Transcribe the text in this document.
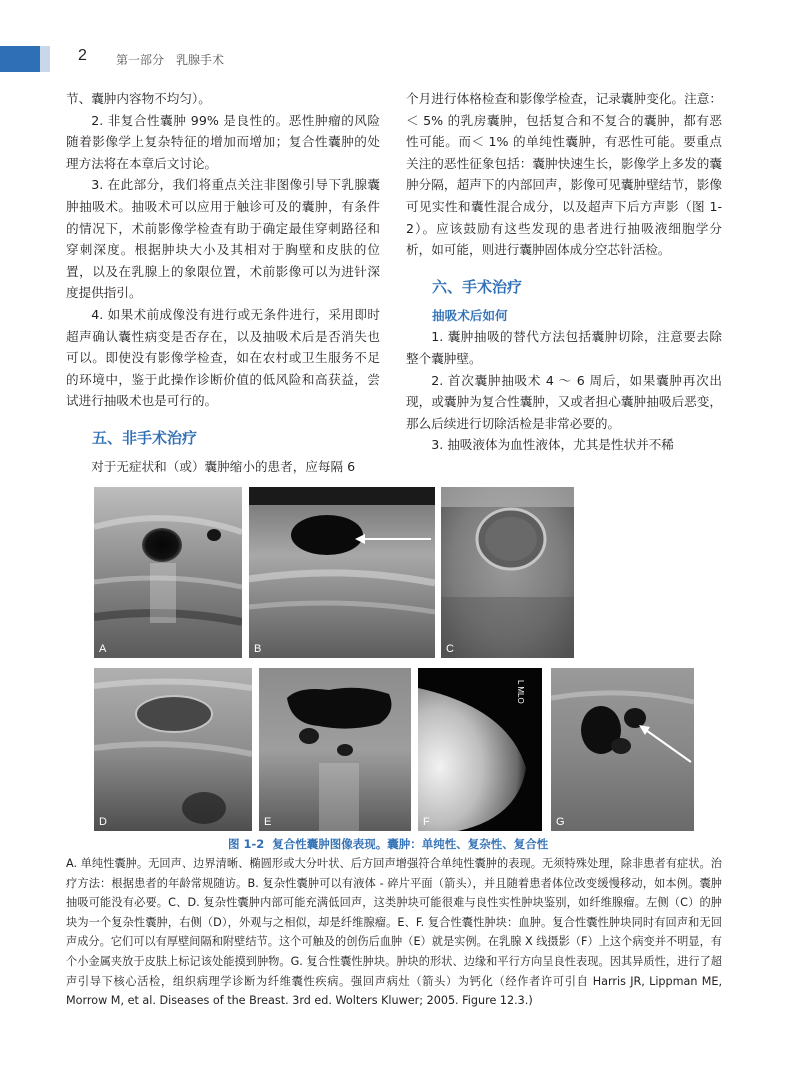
2 第一部分　乳腺手术

节、囊肿内容物不均匀）。

2. 非复合性囊肿 99% 是良性的。恶性肿瘤的风险随着影像学上复杂特征的增加而增加；复合性囊肿的处理方法将在本章后文讨论。

3. 在此部分，我们将重点关注非图像引导下乳腺囊肿抽吸术。抽吸术可以应用于触诊可及的囊肿，有条件的情况下，术前影像学检查有助于确定最佳穿刺路径和穿刺深度。根据肿块大小及其相对于胸壁和皮肤的位置，以及在乳腺上的象限位置，术前影像可以为进针深度提供指引。

4. 如果术前成像没有进行或无条件进行，采用即时超声确认囊性病变是否存在，以及抽吸术后是否消失也可以。即使没有影像学检查，如在农村或卫生服务不足的环境中，鉴于此操作诊断价值的低风险和高获益，尝试进行抽吸术也是可行的。

五、非手术治疗

对于无症状和（或）囊肿缩小的患者，应每隔 6

个月进行体格检查和影像学检查，记录囊肿变化。注意：＜ 5% 的乳房囊肿，包括复合和不复合的囊肿，都有恶性可能。而＜ 1% 的单纯性囊肿，有恶性可能。要重点关注的恶性征象包括：囊肿快速生长，影像学上多发的囊肿分隔，超声下的内部回声，影像可见囊肿壁结节，影像可见实性和囊性混合成分，以及超声下后方声影（图 1-2）。应该鼓励有这些发现的患者进行抽吸液细胞学分析，如可能，则进行囊肿固体成分空芯针活检。

六、手术治疗
抽吸术后如何

1. 囊肿抽吸的替代方法包括囊肿切除，注意要去除整个囊肿壁。

2. 首次囊肿抽吸术 4 ～ 6 周后，如果囊肿再次出现，或囊肿为复合性囊肿，又或者担心囊肿抽吸后恶变，那么后续进行切除活检是非常必要的。

3. 抽吸液体为血性液体，尤其是性状并不稀

A	B	C
D	E
L MLO
F	G
图 1-2 复合性囊肿图像表现。囊肿：单纯性、复杂性、复合性
A. 单纯性囊肿。无回声、边界清晰、椭圆形或大分叶状、后方回声增强符合单纯性囊肿的表现。无须特殊处理，除非患者有症状。治疗方法：根据患者的年龄常规随访。B. 复杂性囊肿可以有液体 - 碎片平面（箭头），并且随着患者体位改变缓慢移动，如本例。囊肿抽吸可能没有必要。C、D. 复杂性囊肿内部可能充满低回声，这类肿块可能很难与良性实性肿块鉴别，如纤维腺瘤。左侧（C）的肿块为一个复杂性囊肿，右侧（D），外观与之相似，却是纤维腺瘤。E、F. 复合性囊性肿块：血肿。复合性囊性肿块同时有回声和无回声成分。它们可以有厚壁间隔和附壁结节。这个可触及的创伤后血肿（E）就是实例。在乳腺 X 线摄影（F）上这个病变并不明显，有个小金属夹放于皮肤上标记该处能摸到肿物。G. 复合性囊性肿块。肿块的形状、边缘和平行方向呈良性表现。因其异质性，进行了超声引导下核心活检，组织病理学诊断为纤维囊性疾病。强回声病灶（箭头）为钙化（经作者许可引自 Harris JR, Lippman ME, Morrow M, et al. Diseases of the Breast. 3rd ed. Wolters Kluwer; 2005. Figure 12.3.)
